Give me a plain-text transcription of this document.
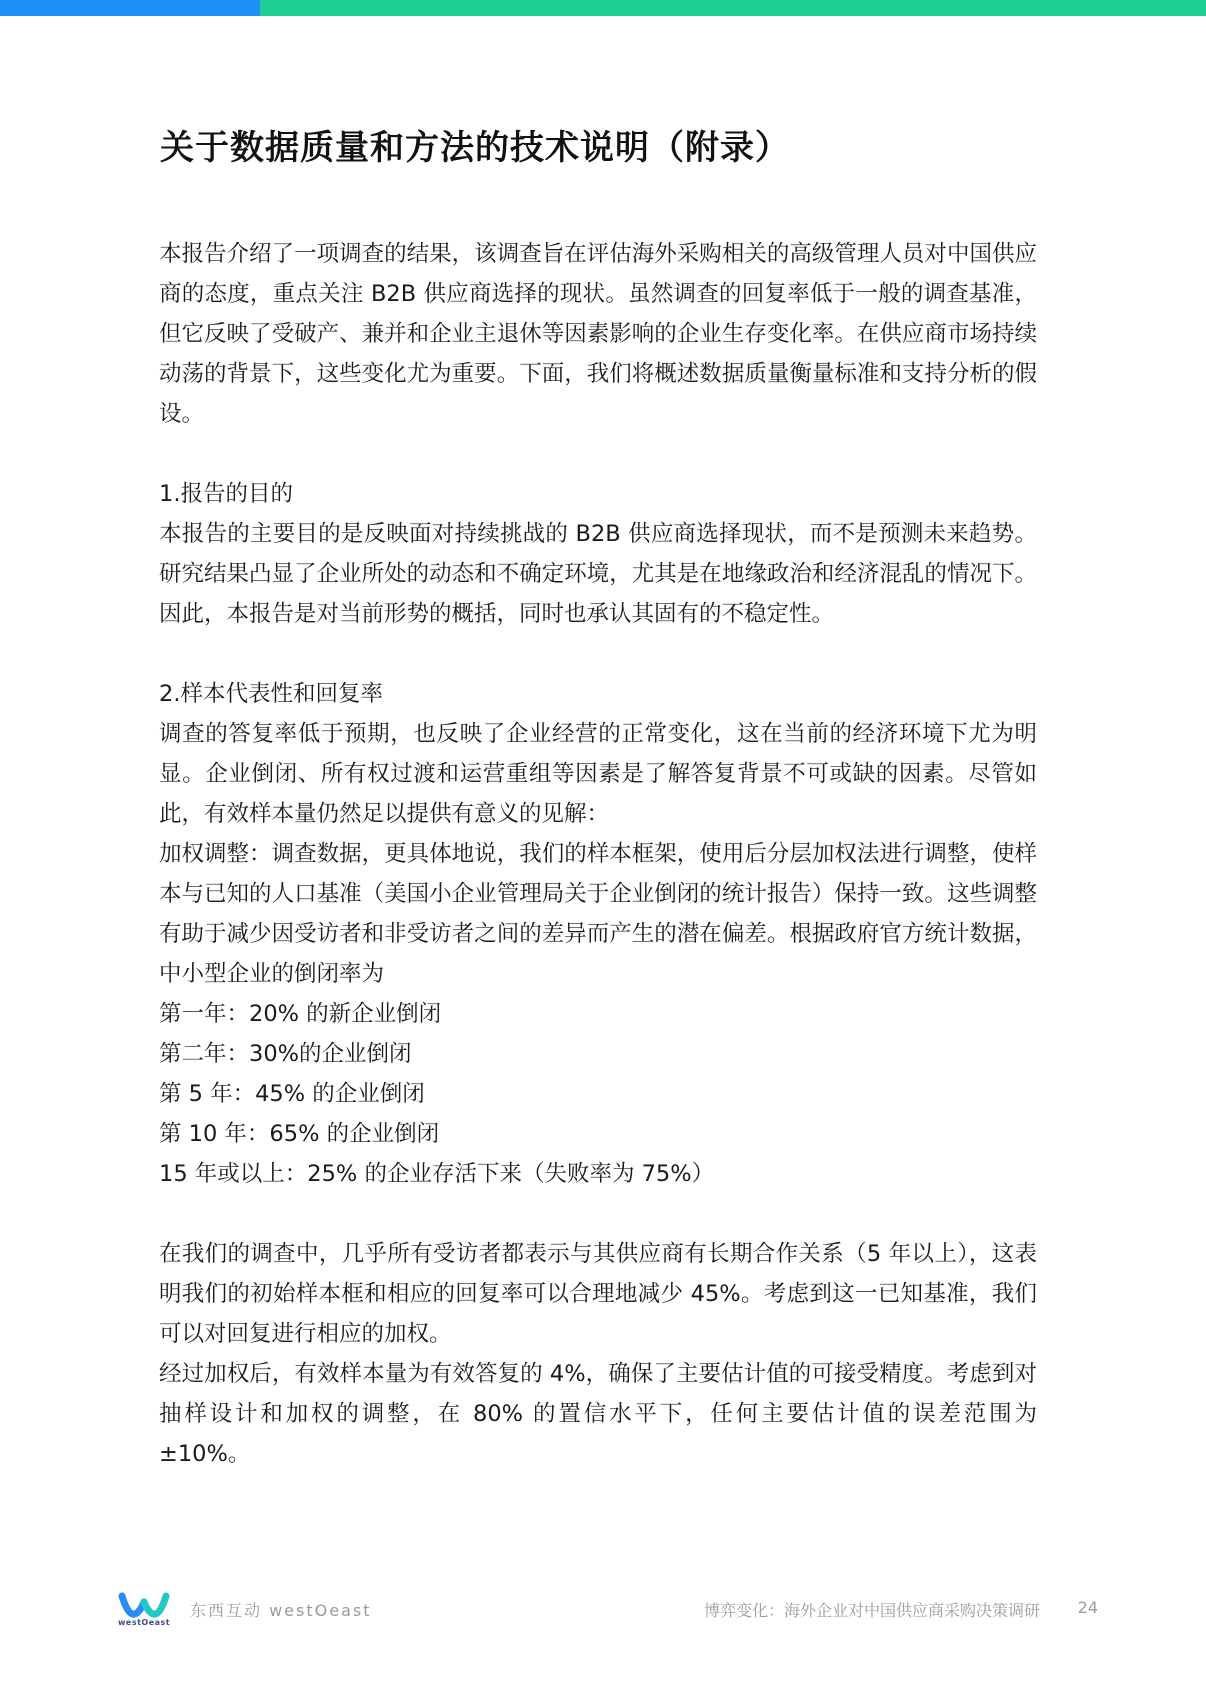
关于数据质量和方法的技术说明（附录）

本报告介绍了一项调查的结果，该调查旨在评估海外采购相关的高级管理人员对中国供应商的态度，重点关注 B2B 供应商选择的现状。虽然调查的回复率低于一般的调查基准，但它反映了受破产、兼并和企业主退休等因素影响的企业生存变化率。在供应商市场持续动荡的背景下，这些变化尤为重要。下面，我们将概述数据质量衡量标准和支持分析的假设。

1.报告的目的

本报告的主要目的是反映面对持续挑战的 B2B 供应商选择现状，而不是预测未来趋势。研究结果凸显了企业所处的动态和不确定环境，尤其是在地缘政治和经济混乱的情况下。因此，本报告是对当前形势的概括，同时也承认其固有的不稳定性。

2.样本代表性和回复率

调查的答复率低于预期，也反映了企业经营的正常变化，这在当前的经济环境下尤为明显。企业倒闭、所有权过渡和运营重组等因素是了解答复背景不可或缺的因素。尽管如此，有效样本量仍然足以提供有意义的见解：

加权调整：调查数据，更具体地说，我们的样本框架，使用后分层加权法进行调整，使样本与已知的人口基准（美国小企业管理局关于企业倒闭的统计报告）保持一致。这些调整有助于减少因受访者和非受访者之间的差异而产生的潜在偏差。根据政府官方统计数据，中小型企业的倒闭率为

第一年：20% 的新企业倒闭

第二年：30%的企业倒闭

第 5 年：45% 的企业倒闭

第 10 年：65% 的企业倒闭

15 年或以上：25% 的企业存活下来（失败率为 75%）

在我们的调查中，几乎所有受访者都表示与其供应商有长期合作关系（5 年以上），这表明我们的初始样本框和相应的回复率可以合理地减少 45%。考虑到这一已知基准，我们可以对回复进行相应的加权。

经过加权后，有效样本量为有效答复的 4%，确保了主要估计值的可接受精度。考虑到对抽样设计和加权的调整，在 80% 的置信水平下，任何主要估计值的误差范围为 ±10%。

westOeast
东西互动 westOeast	博弈变化：海外企业对中国供应商采购决策调研 24
